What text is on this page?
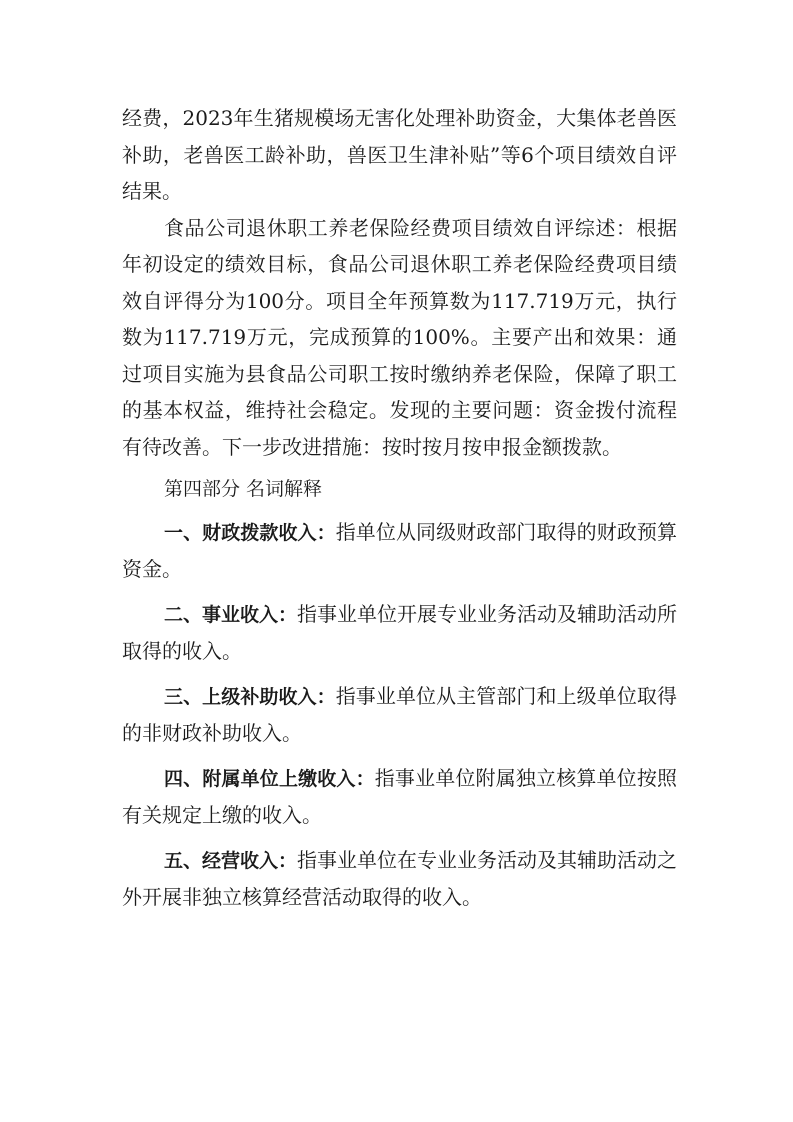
经费，2023年生猪规模场无害化处理补助资金，大集体老兽医补助，老兽医工龄补助，兽医卫生津补贴”等6个项目绩效自评结果。

食品公司退休职工养老保险经费项目绩效自评综述：根据年初设定的绩效目标，食品公司退休职工养老保险经费项目绩效自评得分为100分。项目全年预算数为117.719万元，执行数为117.719万元，完成预算的100%。主要产出和效果：通过项目实施为县食品公司职工按时缴纳养老保险，保障了职工的基本权益，维持社会稳定。发现的主要问题：资金拨付流程有待改善。下一步改进措施：按时按月按申报金额拨款。

第四部分 名词解释

一、财政拨款收入：指单位从同级财政部门取得的财政预算资金。

二、事业收入：指事业单位开展专业业务活动及辅助活动所取得的收入。

三、上级补助收入：指事业单位从主管部门和上级单位取得的非财政补助收入。

四、附属单位上缴收入：指事业单位附属独立核算单位按照有关规定上缴的收入。

五、经营收入：指事业单位在专业业务活动及其辅助活动之外开展非独立核算经营活动取得的收入。
